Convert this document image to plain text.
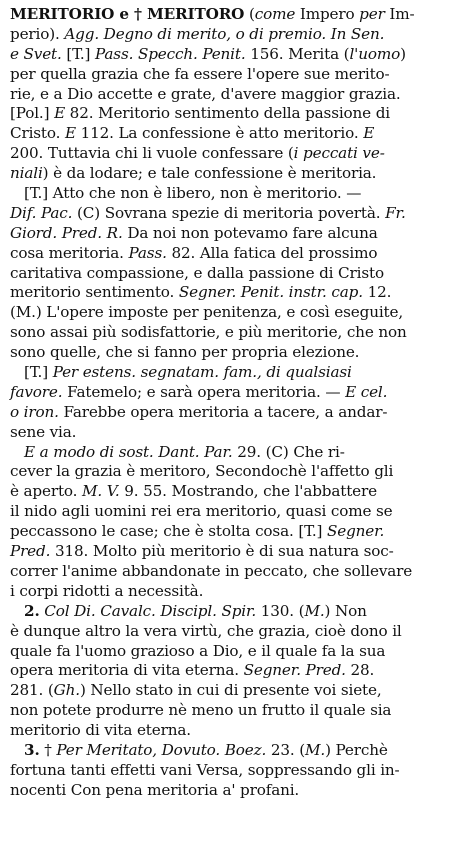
MERITORIO e † MERITORO (come Impero per Im-
perio). Agg. Degno di merito, o di premio. In Sen.
e Svet. [T.] Pass. Specch. Penit. 156. Merita (l'uomo)
per quella grazia che fa essere l'opere sue merito-
rie, e a Dio accette e grate, d'avere maggior grazia.
[Pol.] E 82. Meritorio sentimento della passione di
Cristo. E 112. La confessione è atto meritorio. E
200. Tuttavia chi li vuole confessare (i peccati ve-
niali) è da lodare; e tale confessione è meritoria.
[T.] Atto che non è libero, non è meritorio. —
Dif. Pac. (C) Sovrana spezie di meritoria povertà. Fr.
Giord. Pred. R. Da noi non potevamo fare alcuna
cosa meritoria. Pass. 82. Alla fatica del prossimo
caritativa compassione, e dalla passione di Cristo
meritorio sentimento. Segner. Penit. instr. cap. 12.
(M.) L'opere imposte per penitenza, e così eseguite,
sono assai più sodisfattorie, e più meritorie, che non
sono quelle, che si fanno per propria elezione.
[T.] Per estens. segnatam. fam., di qualsiasi
favore. Fatemelo; e sarà opera meritoria. — E cel.
o iron. Farebbe opera meritoria a tacere, a andar-
sene via.
E a modo di sost. Dant. Par. 29. (C) Che ri-
cever la grazia è meritoro, Secondochè l'affetto gli
è aperto. M. V. 9. 55. Mostrando, che l'abbattere
il nido agli uomini rei era meritorio, quasi come se
peccassono le case; che è stolta cosa. [T.] Segner.
Pred. 318. Molto più meritorio è di sua natura soc-
correr l'anime abbandonate in peccato, che sollevare
i corpi ridotti a necessità.
2. Col Di. Cavalc. Discipl. Spir. 130. (M.) Non
è dunque altro la vera virtù, che grazia, cioè dono il
quale fa l'uomo grazioso a Dio, e il quale fa la sua
opera meritoria di vita eterna. Segner. Pred. 28.
281. (Gh.) Nello stato in cui di presente voi siete,
non potete produrre nè meno un frutto il quale sia
meritorio di vita eterna.
3. † Per Meritato, Dovuto. Boez. 23. (M.) Perchè
fortuna tanti effetti vani Versa, soppressando gli in-
nocenti Con pena meritoria a' profani.
